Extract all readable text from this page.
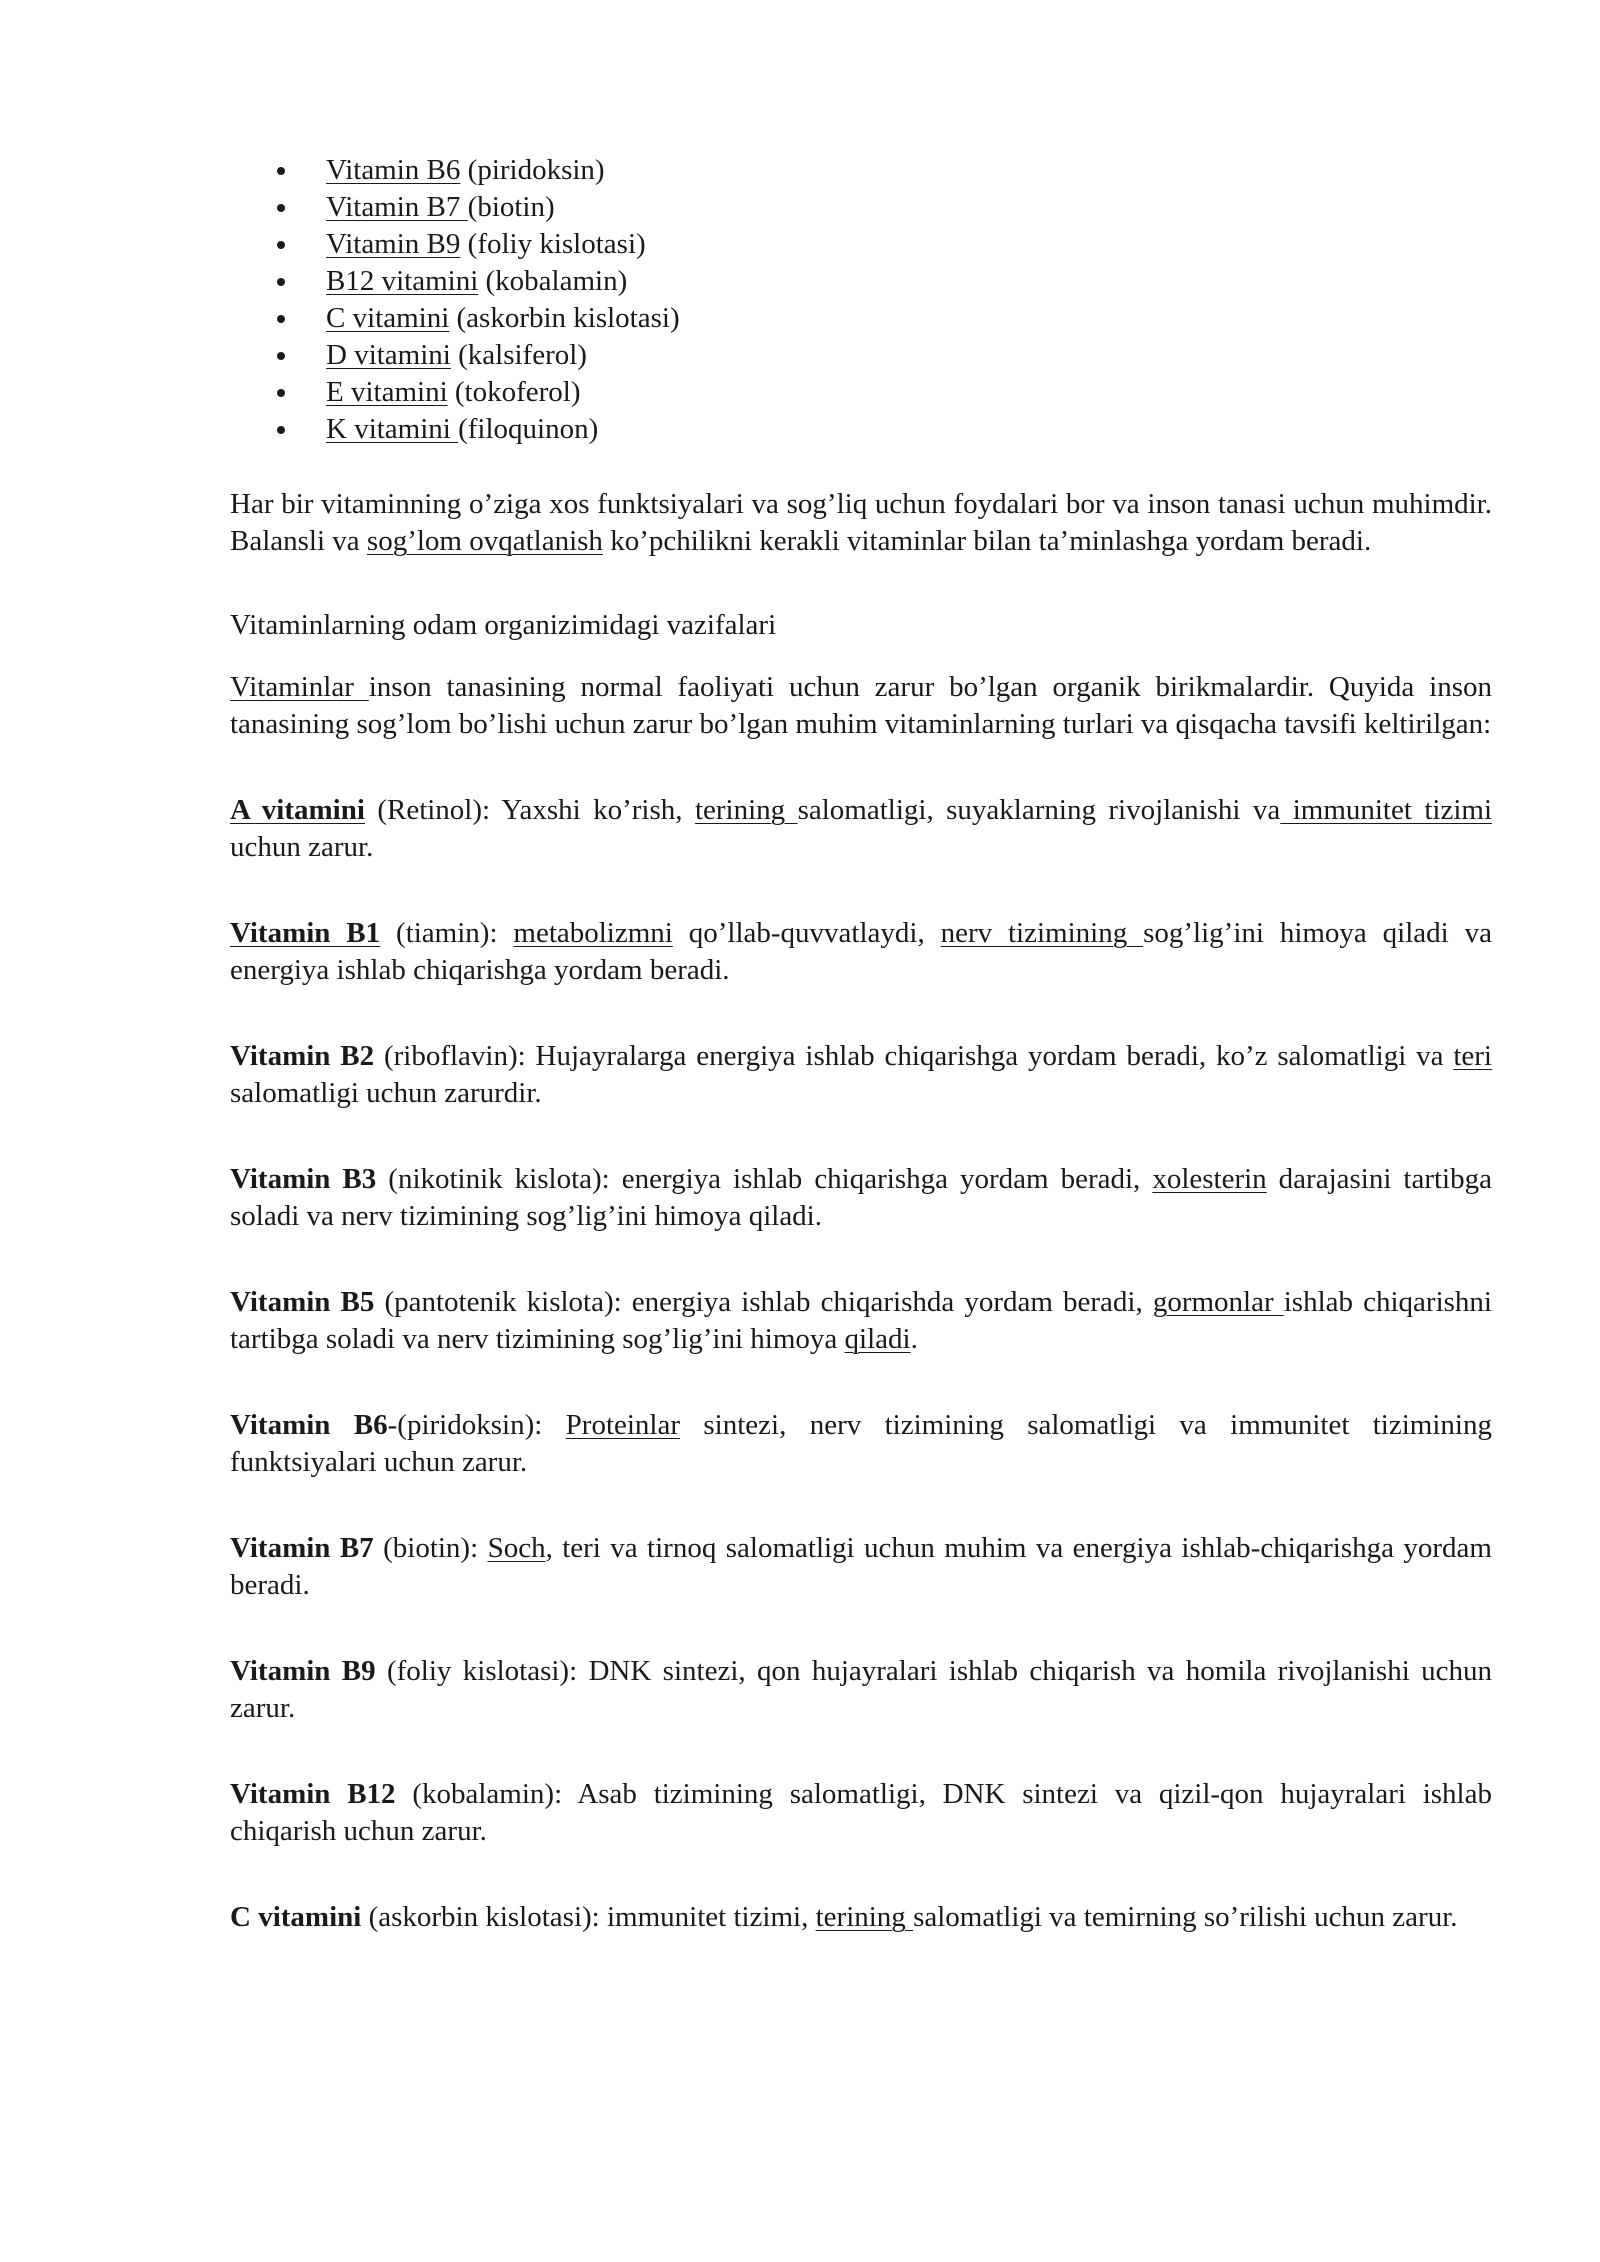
Vitamin B6 (piridoksin)
Vitamin B7 (biotin)
Vitamin B9 (foliy kislotasi)
B12 vitamini (kobalamin)
C vitamini (askorbin kislotasi)
D vitamini (kalsiferol)
E vitamini (tokoferol)
K vitamini (filoquinon)

Har bir vitaminning o’ziga xos funktsiyalari va sog’liq uchun foydalari bor va inson tanasi uchun muhimdir. Balansli va sog’lom ovqatlanish ko’pchilikni kerakli vitaminlar bilan ta’minlashga yordam beradi.

Vitaminlarning odam organizimidagi vazifalari

Vitaminlar inson tanasining normal faoliyati uchun zarur bo’lgan organik birikmalardir. Quyida inson tanasining sog’lom bo’lishi uchun zarur bo’lgan muhim vitaminlarning turlari va qisqacha tavsifi keltirilgan:

A vitamini (Retinol): Yaxshi ko’rish, terining salomatligi, suyaklarning rivojlanishi va immunitet tizimi uchun zarur.

Vitamin B1 (tiamin): metabolizmni qo’llab-quvvatlaydi, nerv tizimining sog’lig’ini himoya qiladi va energiya ishlab chiqarishga yordam beradi.

Vitamin B2 (riboflavin): Hujayralarga energiya ishlab chiqarishga yordam beradi, ko’z salomatligi va teri salomatligi uchun zarurdir.

Vitamin B3 (nikotinik kislota): energiya ishlab chiqarishga yordam beradi, xolesterin darajasini tartibga soladi va nerv tizimining sog’lig’ini himoya qiladi.

Vitamin B5 (pantotenik kislota): energiya ishlab chiqarishda yordam beradi, gormonlar ishlab chiqarishni tartibga soladi va nerv tizimining sog’lig’ini himoya qiladi.

Vitamin B6-(piridoksin): Proteinlar sintezi, nerv tizimining salomatligi va immunitet tizimining funktsiyalari uchun zarur.

Vitamin B7 (biotin): Soch, teri va tirnoq salomatligi uchun muhim va energiya ishlab-chiqarishga yordam beradi.

Vitamin B9 (foliy kislotasi): DNK sintezi, qon hujayralari ishlab chiqarish va homila rivojlanishi uchun zarur.

Vitamin B12 (kobalamin): Asab tizimining salomatligi, DNK sintezi va qizil-qon hujayralari ishlab chiqarish uchun zarur.

C vitamini (askorbin kislotasi): immunitet tizimi, terining salomatligi va temirning so’rilishi uchun zarur.
